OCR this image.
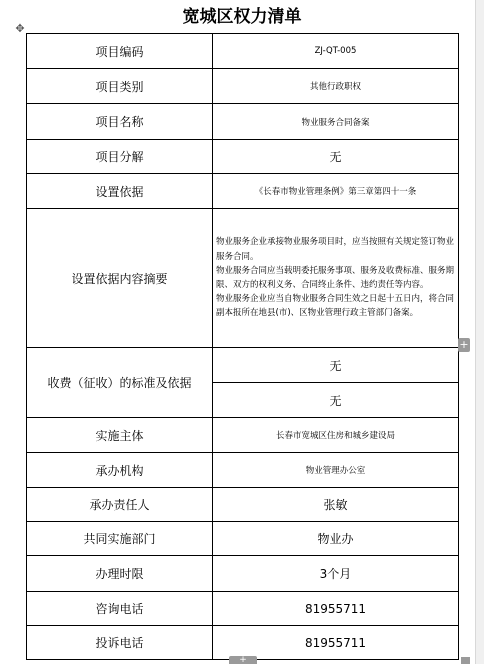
宽城区权力清单
✥
项目编码	ZJ-QT-005
项目类别	其他行政职权
项目名称	物业服务合同备案
项目分解	无
设置依据	《长春市物业管理条例》第三章第四十一条
设置依据内容摘要	物业服务企业承接物业服务项目时，应当按照有关规定签订物业服务合同。
物业服务合同应当载明委托服务事项、服务及收费标准、服务期限、双方的权利义务、合同终止条件、违约责任等内容。
物业服务企业应当自物业服务合同生效之日起十五日内，将合同副本报所在地县(市)、区物业管理行政主管部门备案。

收费（征收）的标准及依据	无
	无
实施主体	长春市宽城区住房和城乡建设局
承办机构	物业管理办公室
承办责任人	张敏
共同实施部门	物业办
办理时限	3个月
咨询电话	81955711
投诉电话	81955711
+
+
